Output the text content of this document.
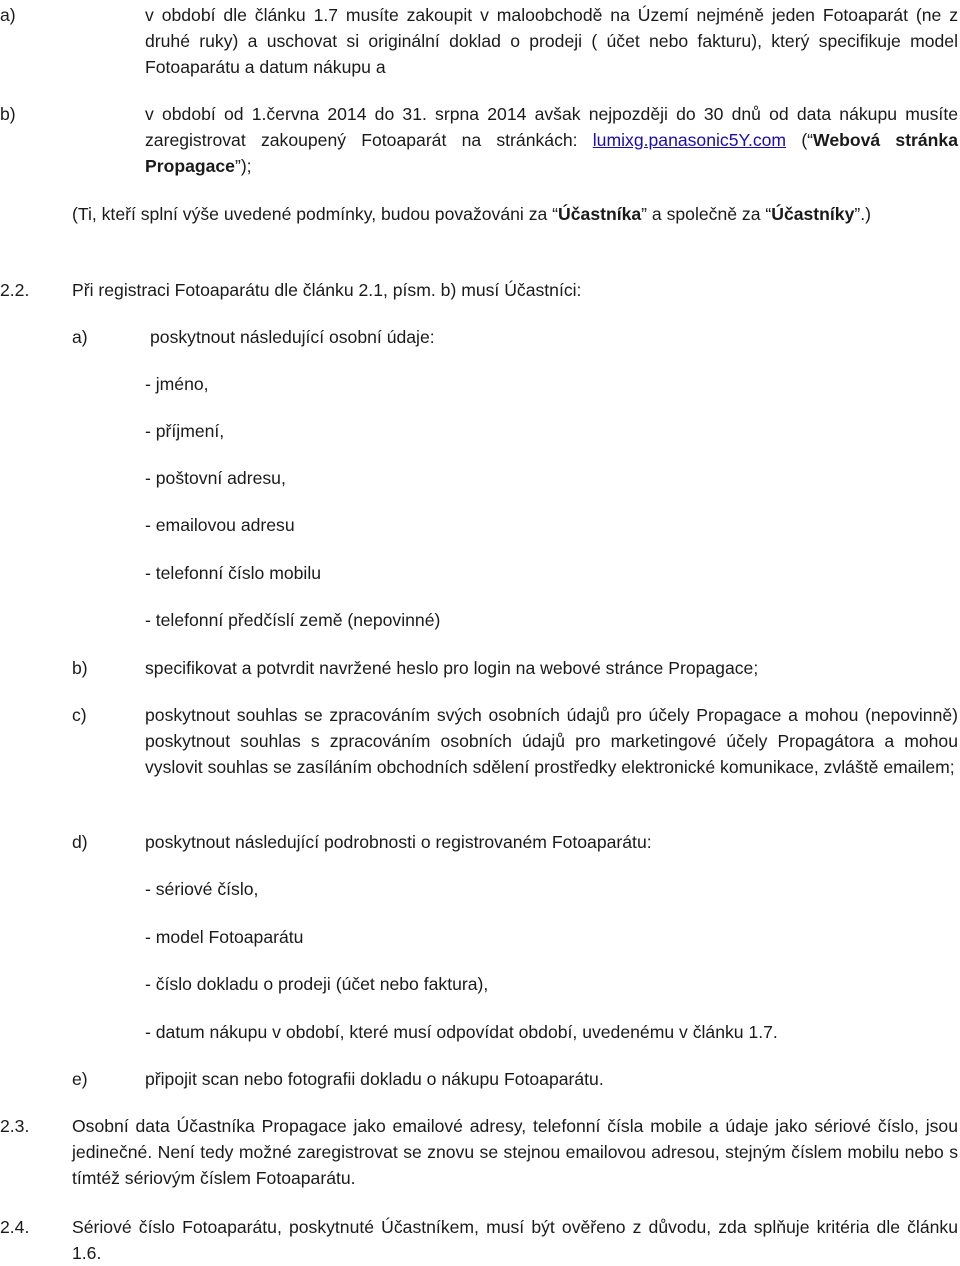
a)	v období dle článku 1.7 musíte zakoupit v maloobchodě na Území nejméně jeden Fotoaparát (ne z druhé ruky) a uschovat si originální doklad o prodeji ( účet nebo fakturu), který specifikuje model Fotoaparátu a datum nákupu a
b)	v období od 1.června 2014 do 31. srpna 2014 avšak nejpozději do 30 dnů od data nákupu musíte zaregistrovat zakoupený Fotoaparát na stránkách: lumixg.panasonic5Y.com (“Webová stránka Propagace”);
(Ti, kteří splní výše uvedené podmínky, budou považováni za “Účastníka” a společně za “Účastníky”.)
2.2. Při registraci Fotoaparátu dle článku 2.1, písm. b) musí Účastníci:
a)	poskytnout následující osobní údaje:
- jméno,
- příjmení,
- poštovní adresu,
- emailovou adresu
- telefonní číslo mobilu
- telefonní předčíslí země (nepovinné)
b)	specifikovat a potvrdit navržené heslo pro login na webové stránce Propagace;
c)	poskytnout souhlas se zpracováním svých osobních údajů pro účely Propagace a mohou (nepovinně) poskytnout souhlas s zpracováním osobních údajů pro marketingové účely Propagátora a mohou vyslovit souhlas se zasíláním obchodních sdělení prostředky elektronické komunikace, zvláště emailem;
d)	poskytnout následující podrobnosti o registrovaném Fotoaparátu:
- sériové číslo,
- model Fotoaparátu
- číslo dokladu o prodeji (účet nebo faktura),
- datum nákupu v období, které musí odpovídat období, uvedenému v článku 1.7.
e)	připojit scan nebo fotografii dokladu o nákupu Fotoaparátu.
2.3. Osobní data Účastníka Propagace jako emailové adresy, telefonní čísla mobile a údaje jako sériové číslo, jsou jedinečné. Není tedy možné zaregistrovat se znovu se stejnou emailovou adresou, stejným číslem mobilu nebo s tímtéž sériovým číslem Fotoaparátu.
2.4. Sériové číslo Fotoaparátu, poskytnuté Účastníkem, musí být ověřeno z důvodu, zda splňuje kritéria dle článku 1.6.
